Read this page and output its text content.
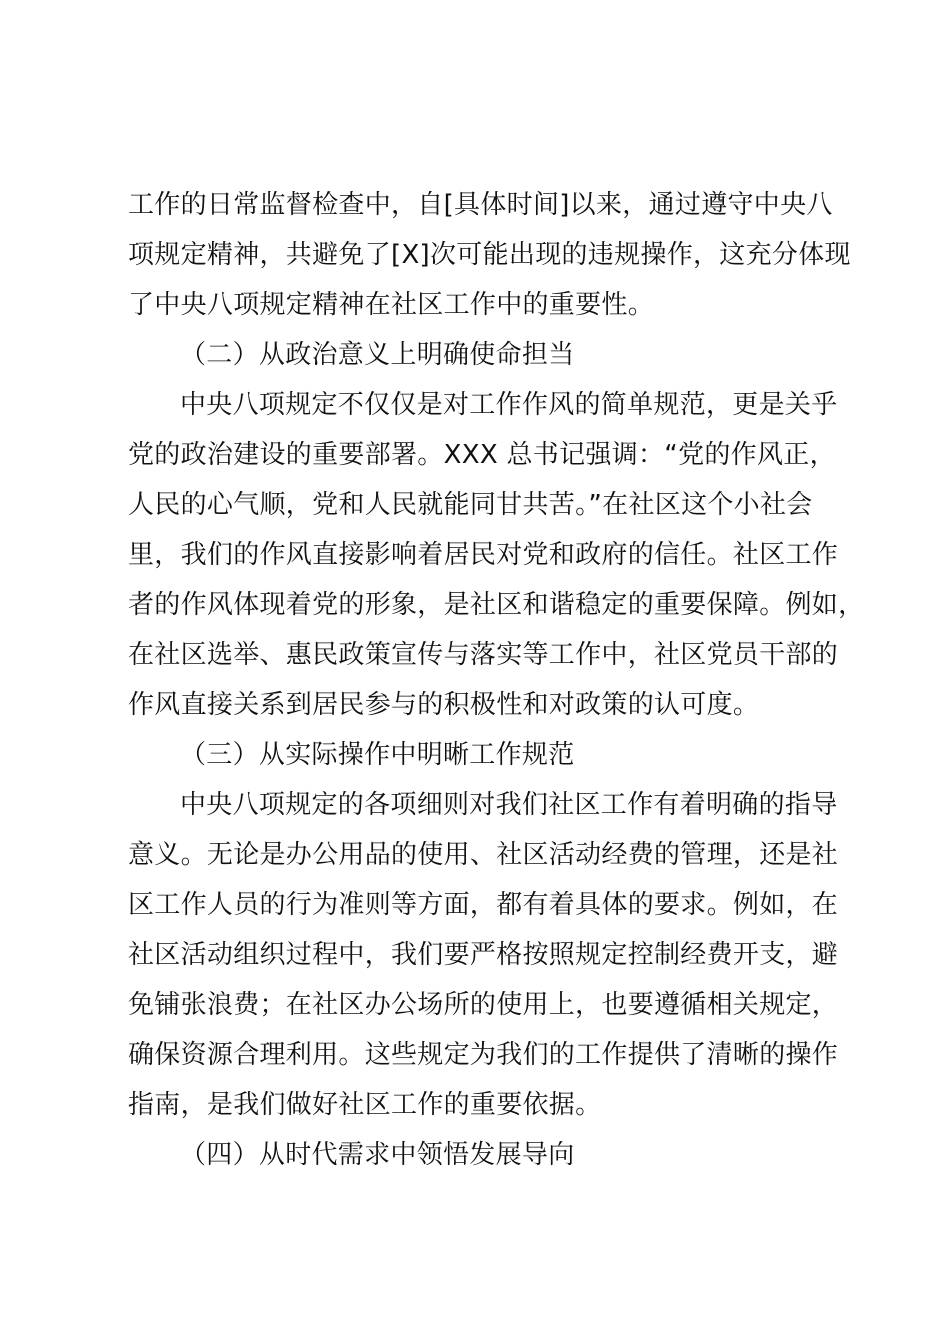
工作的日常监督检查中，自[具体时间]以来，通过遵守中央八
项规定精神，共避免了[X]次可能出现的违规操作，这充分体现
了中央八项规定精神在社区工作中的重要性。
（二）从政治意义上明确使命担当
中央八项规定不仅仅是对工作作风的简单规范，更是关乎
党的政治建设的重要部署。XXX 总书记强调：“党的作风正，
人民的心气顺，党和人民就能同甘共苦。”在社区这个小社会
里，我们的作风直接影响着居民对党和政府的信任。社区工作
者的作风体现着党的形象，是社区和谐稳定的重要保障。例如，
在社区选举、惠民政策宣传与落实等工作中，社区党员干部的
作风直接关系到居民参与的积极性和对政策的认可度。
（三）从实际操作中明晰工作规范
中央八项规定的各项细则对我们社区工作有着明确的指导
意义。无论是办公用品的使用、社区活动经费的管理，还是社
区工作人员的行为准则等方面，都有着具体的要求。例如，在
社区活动组织过程中，我们要严格按照规定控制经费开支，避
免铺张浪费；在社区办公场所的使用上，也要遵循相关规定，
确保资源合理利用。这些规定为我们的工作提供了清晰的操作
指南，是我们做好社区工作的重要依据。
（四）从时代需求中领悟发展导向
